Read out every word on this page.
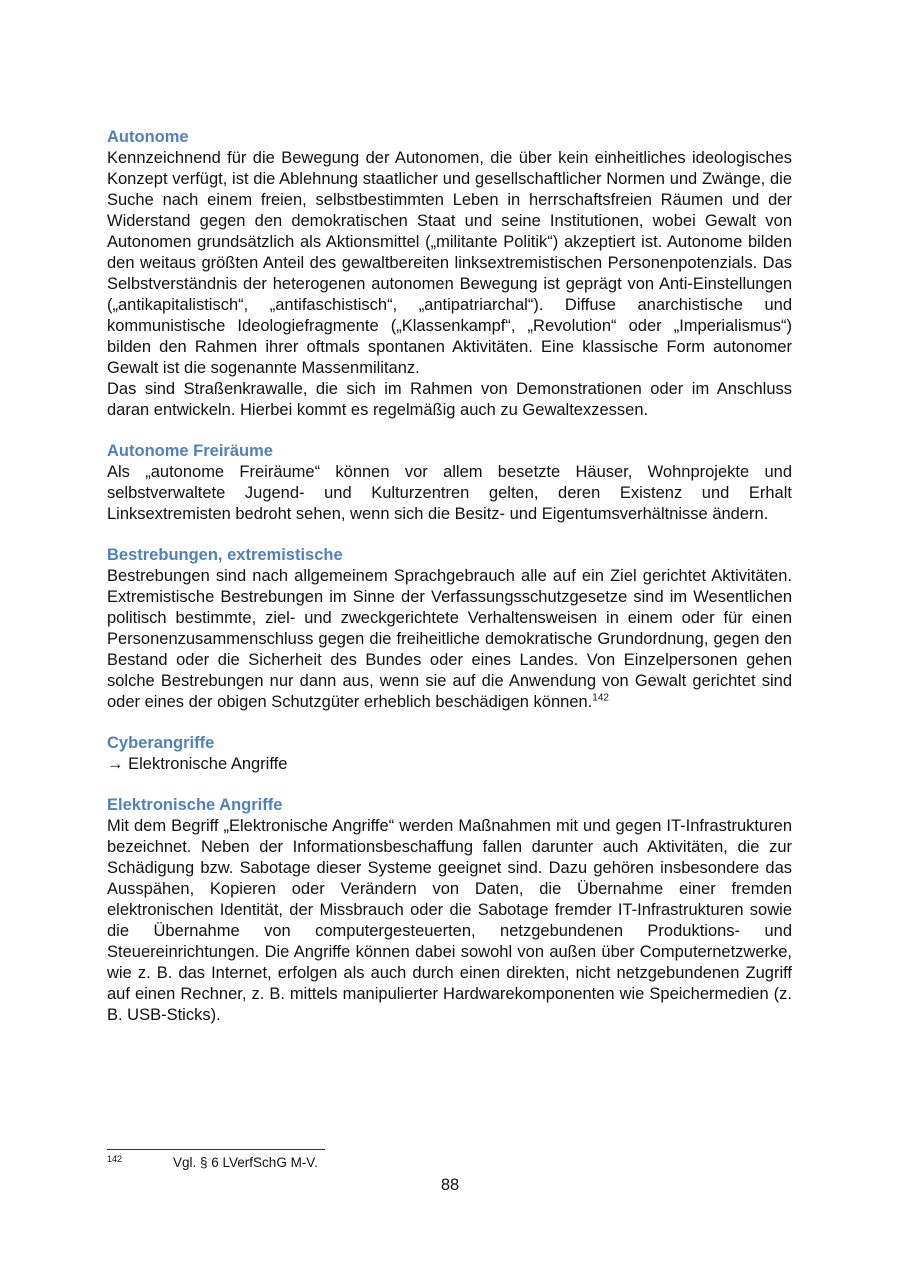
Autonome

Kennzeichnend für die Bewegung der Autonomen, die über kein einheitliches ideologisches Konzept verfügt, ist die Ablehnung staatlicher und gesellschaftlicher Normen und Zwänge, die Suche nach einem freien, selbstbestimmten Leben in herrschaftsfreien Räumen und der Widerstand gegen den demokratischen Staat und seine Institutionen, wobei Gewalt von Autonomen grundsätzlich als Aktionsmittel („militante Politik“) akzeptiert ist. Autonome bilden den weitaus größten Anteil des gewaltbereiten linksextremistischen Personenpotenzials. Das Selbstverständnis der heterogenen autonomen Bewegung ist geprägt von Anti-Einstellungen („antikapitalistisch“, „antifaschistisch“, „antipatriarchal“). Diffuse anarchistische und kommunistische Ideologiefragmente („Klassenkampf“, „Revolution“ oder „Imperialismus“) bilden den Rahmen ihrer oftmals spontanen Aktivitäten. Eine klassische Form autonomer Gewalt ist die sogenannte Massenmilitanz.

Das sind Straßenkrawalle, die sich im Rahmen von Demonstrationen oder im Anschluss daran entwickeln. Hierbei kommt es regelmäßig auch zu Gewaltexzessen.

Autonome Freiräume

Als „autonome Freiräume“ können vor allem besetzte Häuser, Wohnprojekte und selbstverwaltete Jugend- und Kulturzentren gelten, deren Existenz und Erhalt Linksextremisten bedroht sehen, wenn sich die Besitz- und Eigentumsverhältnisse ändern.

Bestrebungen, extremistische

Bestrebungen sind nach allgemeinem Sprachgebrauch alle auf ein Ziel gerichtet Aktivitäten. Extremistische Bestrebungen im Sinne der Verfassungsschutzgesetze sind im Wesentlichen politisch bestimmte, ziel- und zweckgerichtete Verhaltensweisen in einem oder für einen Personenzusammenschluss gegen die freiheitliche demokratische Grundordnung, gegen den Bestand oder die Sicherheit des Bundes oder eines Landes. Von Einzelpersonen gehen solche Bestrebungen nur dann aus, wenn sie auf die Anwendung von Gewalt gerichtet sind oder eines der obigen Schutzgüter erheblich beschädigen können.$^{142}$

Cyberangriffe

→ Elektronische Angriffe

Elektronische Angriffe

Mit dem Begriff „Elektronische Angriffe“ werden Maßnahmen mit und gegen IT-Infrastrukturen bezeichnet. Neben der Informationsbeschaffung fallen darunter auch Aktivitäten, die zur Schädigung bzw. Sabotage dieser Systeme geeignet sind. Dazu gehören insbesondere das Ausspähen, Kopieren oder Verändern von Daten, die Übernahme einer fremden elektronischen Identität, der Missbrauch oder die Sabotage fremder IT-Infrastrukturen sowie die Übernahme von computergesteuerten, netzgebundenen Produktions- und Steuereinrichtungen. Die Angriffe können dabei sowohl von außen über Computernetzwerke, wie z. B. das Internet, erfolgen als auch durch einen direkten, nicht netzgebundenen Zugriff auf einen Rechner, z. B. mittels manipulierter Hardwarekomponenten wie Speichermedien (z. B. USB-Sticks).

142	Vgl. § 6 LVerfSchG M-V.
88
